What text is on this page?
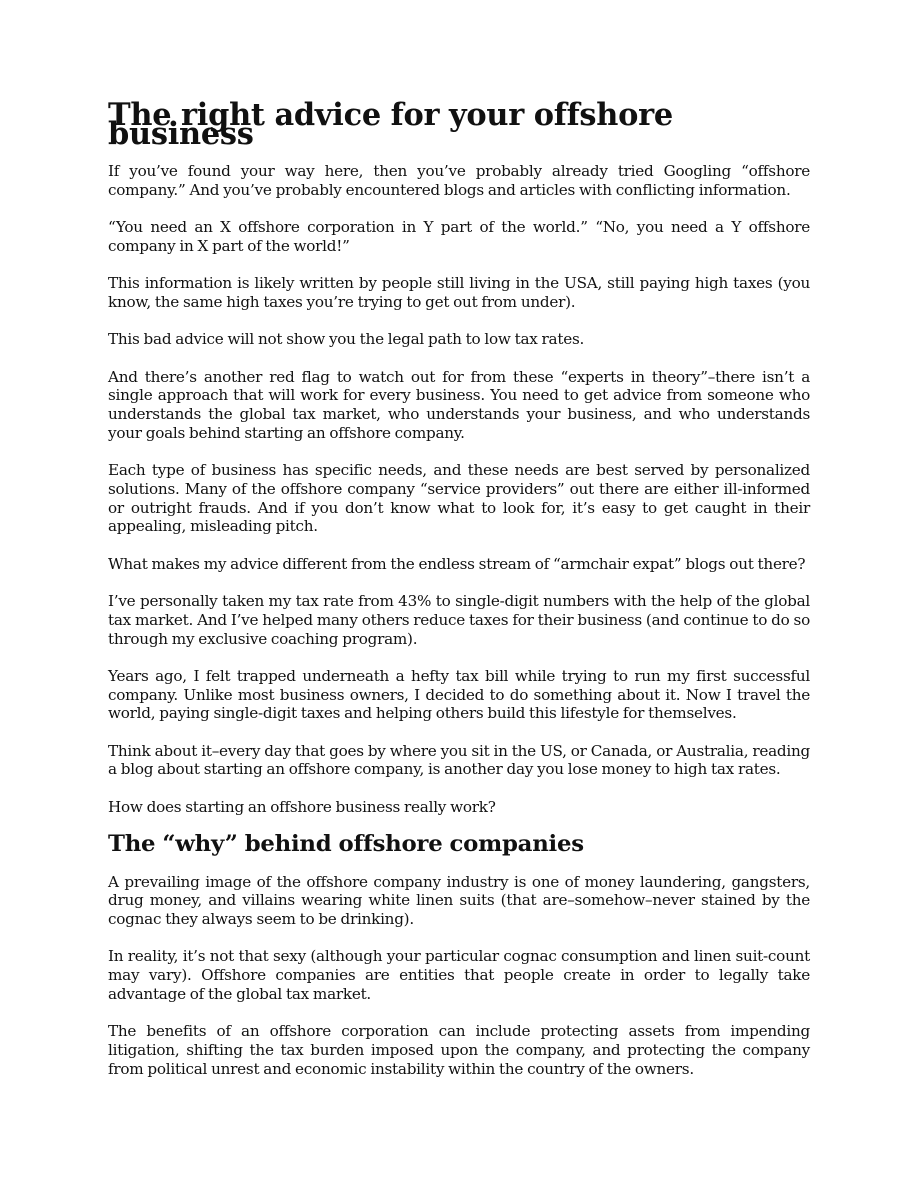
The right advice for your offshore business

If you’ve found your way here, then you’ve probably already tried Googling “offshore company.” And you’ve probably encountered blogs and articles with conflicting information.

“You need an X offshore corporation in Y part of the world.” “No, you need a Y offshore company in X part of the world!”

This information is likely written by people still living in the USA, still paying high taxes (you know, the same high taxes you’re trying to get out from under).

This bad advice will not show you the legal path to low tax rates.

And there’s another red flag to watch out for from these “experts in theory”–there isn’t a single approach that will work for every business. You need to get advice from someone who understands the global tax market, who understands your business, and who understands your goals behind starting an offshore company.

Each type of business has specific needs, and these needs are best served by personalized solutions. Many of the offshore company “service providers” out there are either ill-informed or outright frauds. And if you don’t know what to look for, it’s easy to get caught in their appealing, misleading pitch.

What makes my advice different from the endless stream of “armchair expat” blogs out there?

I’ve personally taken my tax rate from 43% to single-digit numbers with the help of the global tax market. And I’ve helped many others reduce taxes for their business (and continue to do so through my exclusive coaching program).

Years ago, I felt trapped underneath a hefty tax bill while trying to run my first successful company. Unlike most business owners, I decided to do something about it. Now I travel the world, paying single-digit taxes and helping others build this lifestyle for themselves.

Think about it–every day that goes by where you sit in the US, or Canada, or Australia, reading a blog about starting an offshore company, is another day you lose money to high tax rates.

How does starting an offshore business really work?

The “why” behind offshore companies

A prevailing image of the offshore company industry is one of money laundering, gangsters, drug money, and villains wearing white linen suits (that are–somehow–never stained by the cognac they always seem to be drinking).

In reality, it’s not that sexy (although your particular cognac consumption and linen suit-count may vary). Offshore companies are entities that people create in order to legally take advantage of the global tax market.

The benefits of an offshore corporation can include protecting assets from impending litigation, shifting the tax burden imposed upon the company, and protecting the company from political unrest and economic instability within the country of the owners.
